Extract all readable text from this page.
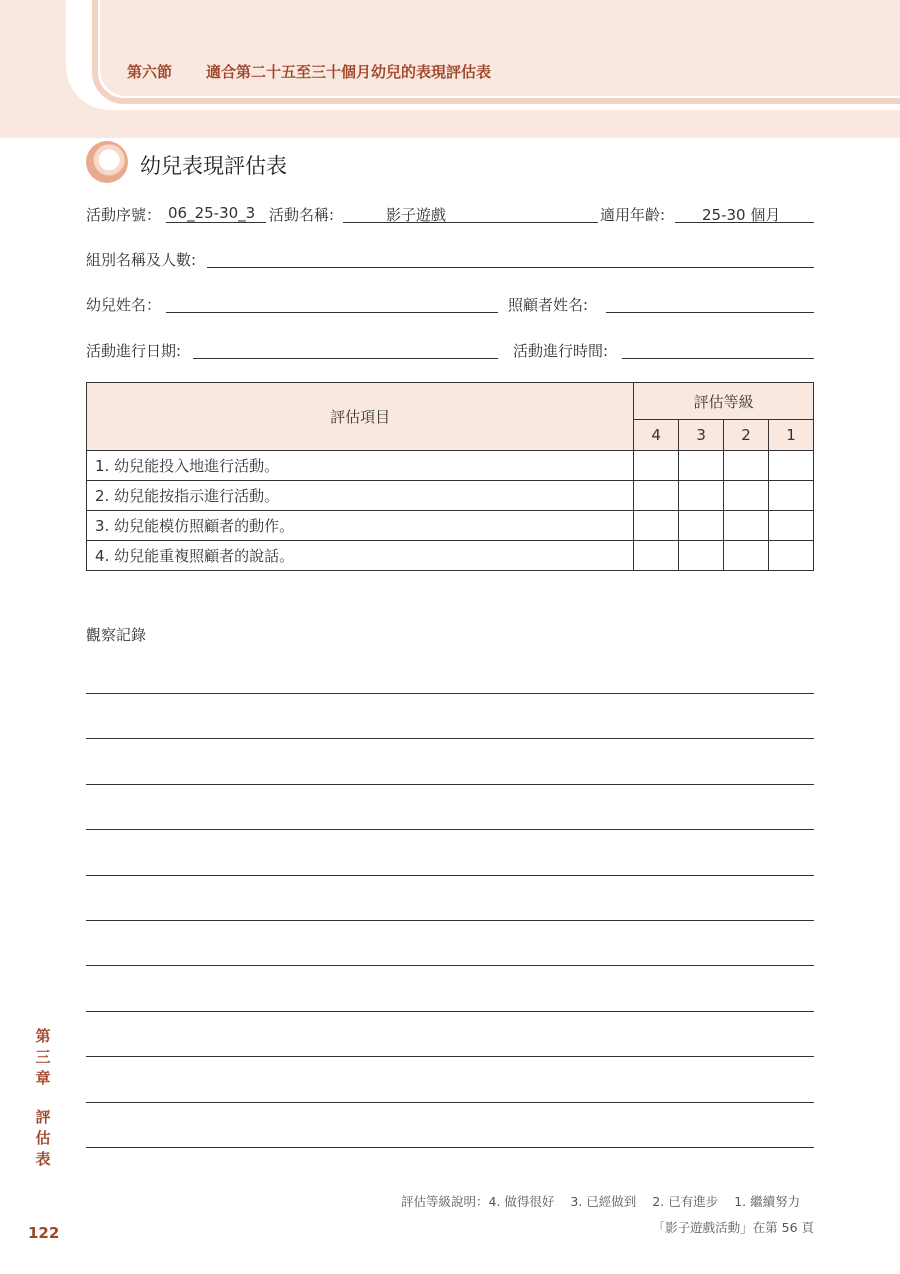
第六節 適合第二十五至三十個月幼兒的表現評估表
幼兒表現評估表
活動序號： 06_25-30_3 活動名稱:	影子遊戲	適用年齡: 25-30 個月
組別名稱及人數:
幼兒姓名：	照顧者姓名:
活動進行日期:	活動進行時間:
評估項目	評估等級			
	4	3	2	1
1. 幼兒能投入地進行活動。				
2. 幼兒能按指示進行活動。				
3. 幼兒能模仿照顧者的動作。				
4. 幼兒能重複照顧者的說話。				
觀察記錄
第
三
章
評
估
表
122
評估等級說明：4. 做得很好 3. 已經做到 2. 已有進步 1. 繼續努力
「影子遊戲活動」在第 56 頁
